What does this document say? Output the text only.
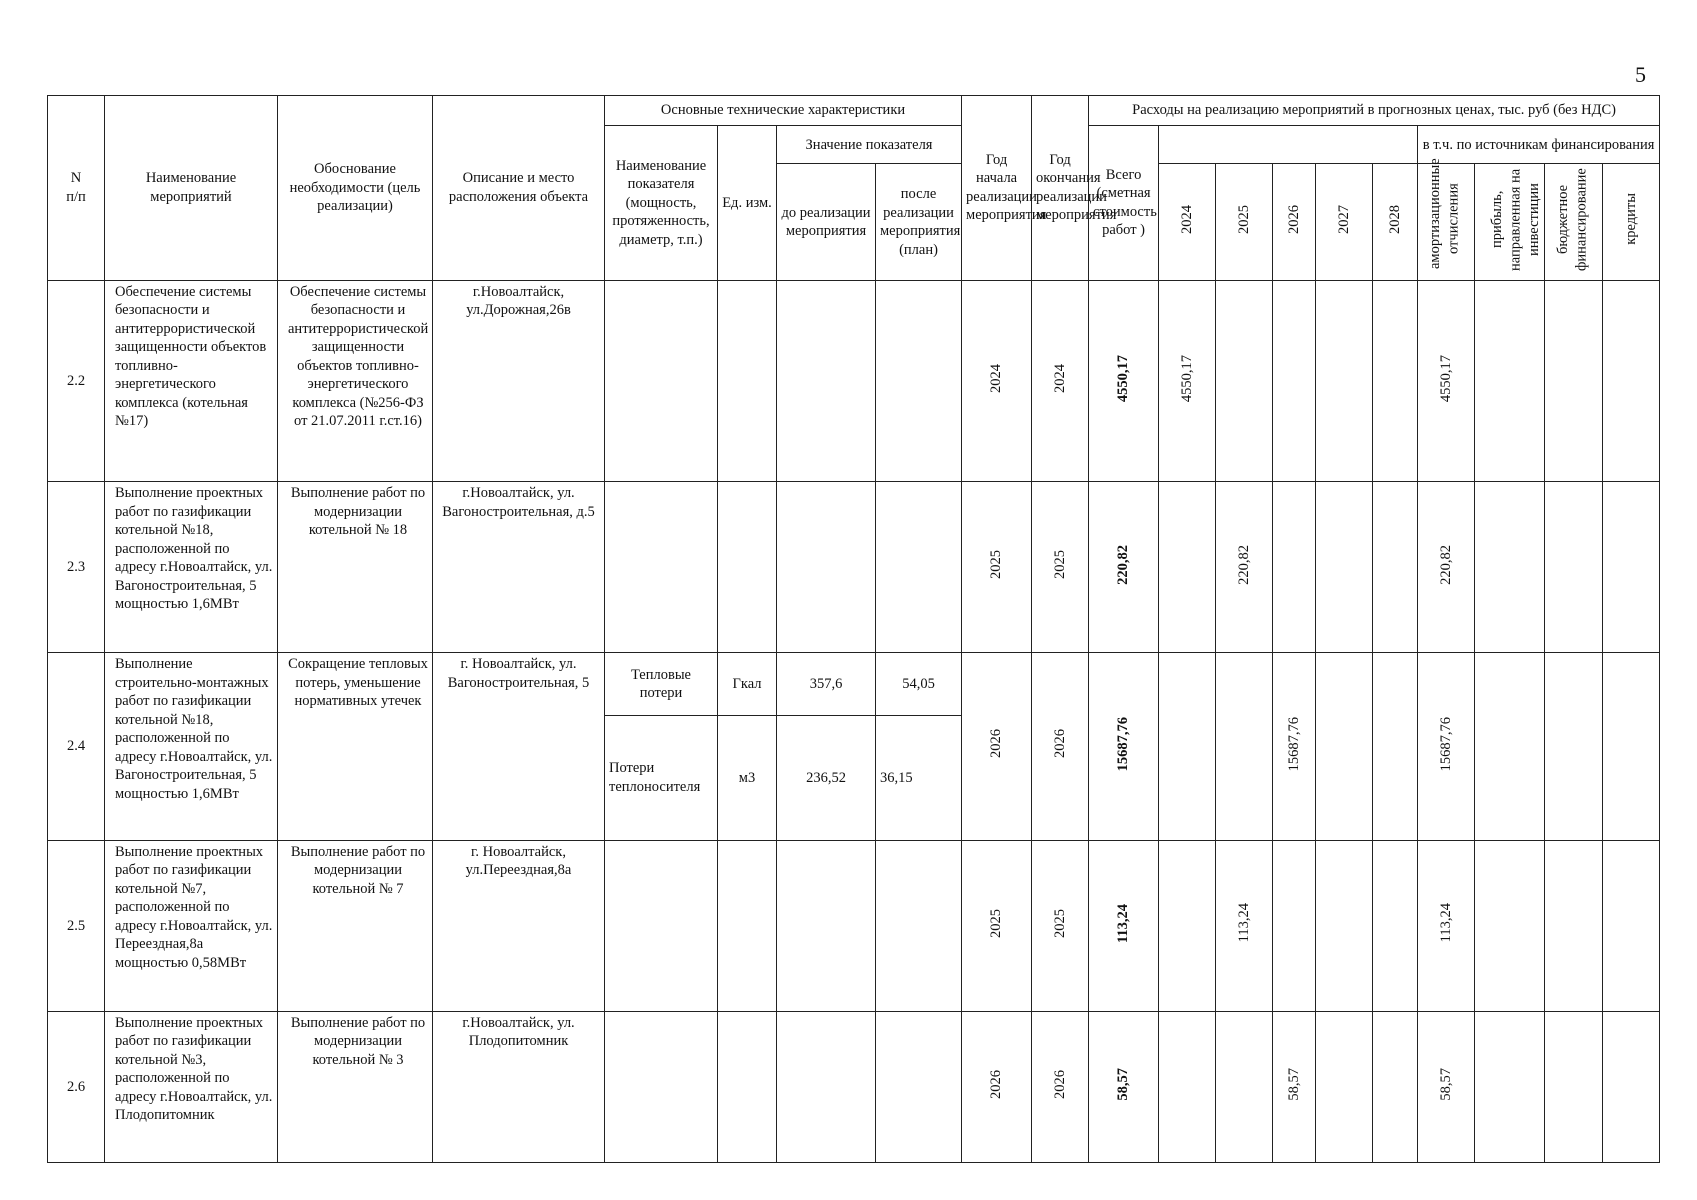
5
N
п/п	Наименование мероприятий	Обоснование необходимости (цель реализации)	Описание и место расположения объекта	Основные технические характеристики				Год начала реализации мероприятия	Год окончания реализации мероприятия	Расходы на реализацию мероприятий в прогнозных ценах, тыс. руб (без НДС)									
				Наименование показателя (мощность, протяженность, диаметр, т.п.)	Ед. изм.	Значение показателя				Всего (сметная стоимость работ )						в т.ч. по источникам финансирования			
						до реализации мероприятия	после реализации мероприятия (план)				2024	2025	2026	2027	2028	амортизационные отчисления	прибыль, направленная на инвестиции	бюджетное финансирование	кредиты
2.2	Обеспечение системы безопасности и антитеррористической защищенности объектов топливно-энергетического комплекса (котельная №17)	Обеспечение системы безопасности и антитеррористической защищенности объектов топливно-энергетического комплекса (№256-ФЗ от 21.07.2011 г.ст.16)	г.Новоалтайск, ул.Дорожная,26в					2024	2024	4550,17	4550,17					4550,17			
2.3	Выполнение проектных работ по газификации котельной №18, расположенной по адресу г.Новоалтайск, ул. Вагоностроительная, 5 мощностью 1,6МВт	Выполнение работ по модернизации котельной № 18	г.Новоалтайск, ул. Вагоностроительная, д.5					2025	2025	220,82		220,82				220,82			
2.4	Выполнение строительно-монтажных работ по газификации котельной №18, расположенной по адресу г.Новоалтайск, ул. Вагоностроительная, 5 мощностью 1,6МВт	Сокращение тепловых потерь, уменьшение нормативных утечек	г. Новоалтайск, ул. Вагоностроительная, 5	Тепловые потери	Гкал	357,6	54,05	2026	2026	15687,76			15687,76			15687,76			
				Потери теплоносителя	м3	236,52	36,15												
2.5	Выполнение проектных работ по газификации котельной №7, расположенной по адресу г.Новоалтайск, ул. Переездная,8а мощностью 0,58МВт	Выполнение работ по модернизации котельной № 7	г. Новоалтайск, ул.Переездная,8а					2025	2025	113,24		113,24				113,24			
2.6	Выполнение проектных работ по газификации котельной №3, расположенной по адресу г.Новоалтайск, ул. Плодопитомник	Выполнение работ по модернизации котельной № 3	г.Новоалтайск, ул. Плодопитомник					2026	2026	58,57			58,57			58,57			
